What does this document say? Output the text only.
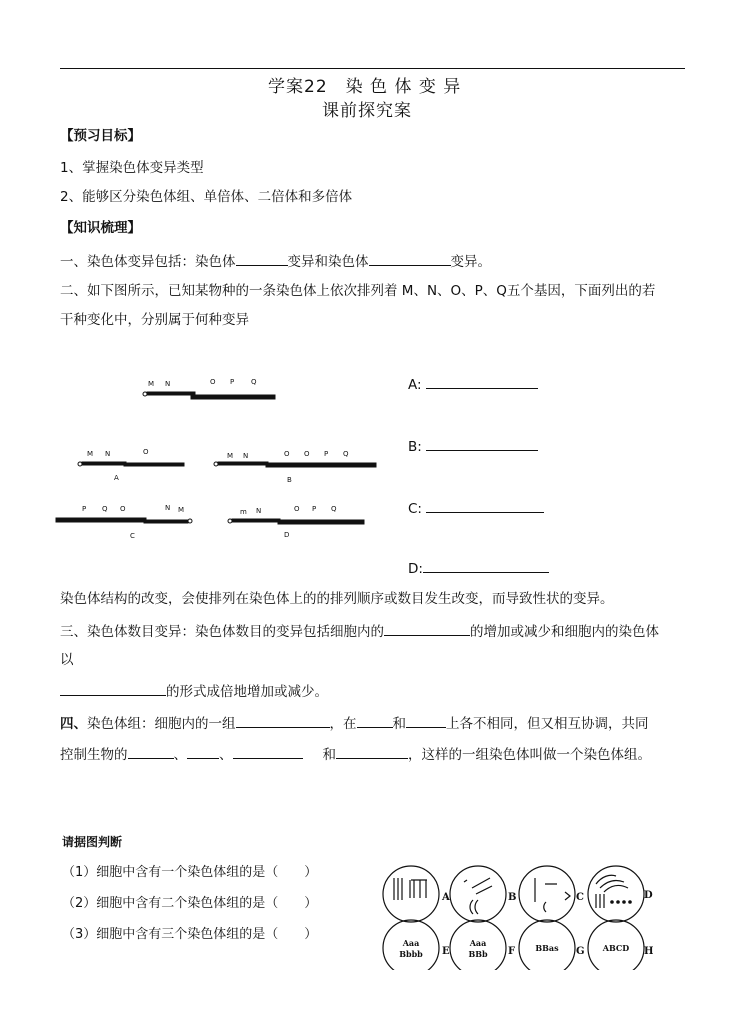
学案22　染 色 体 变 异
课前探究案
【预习目标】
1、掌握染色体变异类型
2、能够区分染色体组、单倍体、二倍体和多倍体
【知识梳理】
一、染色体变异包括：染色体	变异和染色体	变异。
二、如下图所示，已知某物种的一条染色体上依次排列着 M、N、O、P、Q五个基因，下面列出的若
干种变化中，分别属于何种变异
M N	O P Q
M N	O
A
M N	O O P Q
B
P Q O	N M
C
m N	O P Q
D
A:
B:
C:
D:
染色体结构的改变，会使排列在染色体上的的排列顺序或数目发生改变，而导致性状的变异。
三、染色体数目变异：染色体数目的变异包括细胞内的	的增加或减少和细胞内的染色体
以
的形式成倍地增加或减少。
四、染色体组：细胞内的一组	，在	和	上各不相同，但又相互协调，共同
控制生物的	、 、	和	，这样的一组染色体叫做一个染色体组。
请据图判断
（1）细胞中含有一个染色体组的是（　　）
（2）细胞中含有二个染色体组的是（　　）
（3）细胞中含有三个染色体组的是（　　）
A	B	C	D
E	F	G	H
Aaa
Bbbb
Aaa
BBb
BBas	ABCD
